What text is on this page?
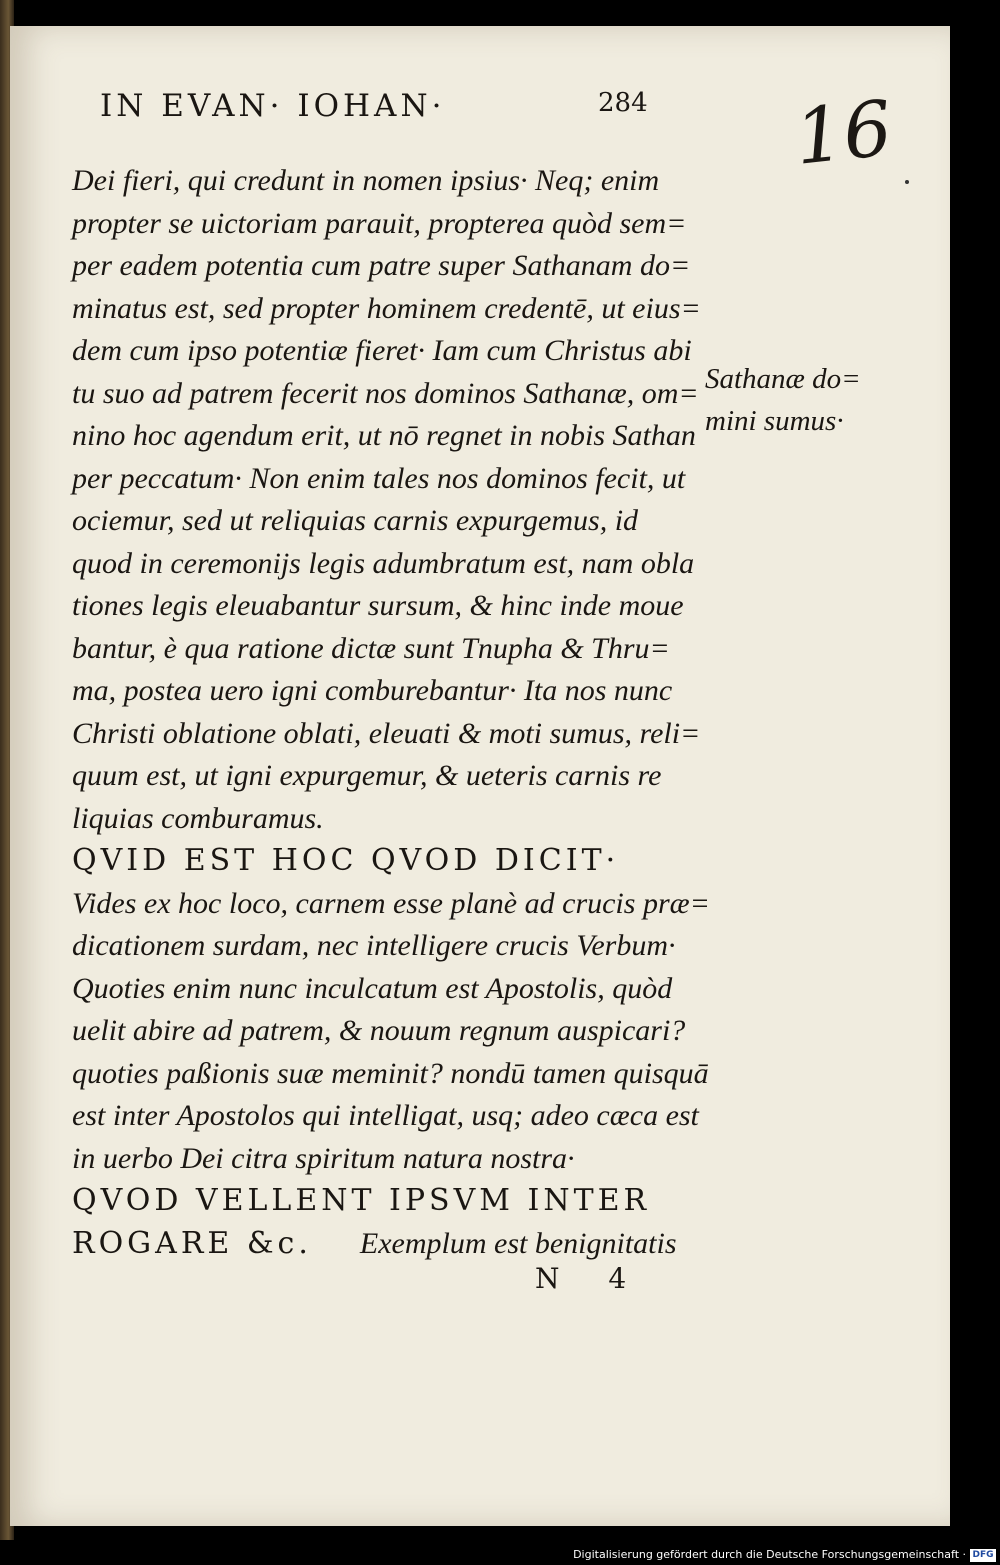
IN EVAN· IOHAN·	284 16
Dei fieri, qui credunt in nomen ipsius· Neq; enim
propter se uictoriam parauit, propterea quòd sem=
per eadem potentia cum patre super Sathanam do=
minatus est, sed propter hominem credentē, ut eius=
dem cum ipso potentiæ fieret· Iam cum Christus abi
tu suo ad patrem fecerit nos dominos Sathanæ, om=
nino hoc agendum erit, ut nō regnet in nobis Sathan
per peccatum· Non enim tales nos dominos fecit, ut
ociemur, sed ut reliquias carnis expurgemus, id
quod in ceremonijs legis adumbratum est, nam obla
tiones legis eleuabantur sursum, & hinc inde moue
bantur, è qua ratione dictæ sunt Tnupha & Thru=
ma, postea uero igni comburebantur· Ita nos nunc
Christi oblatione oblati, eleuati & moti sumus, reli=
quum est, ut igni expurgemur, & ueteris carnis re
liquias comburamus.
QVID EST HOC QVOD DICIT·
Vides ex hoc loco, carnem esse planè ad crucis præ=
dicationem surdam, nec intelligere crucis Verbum·
Quoties enim nunc inculcatum est Apostolis, quòd
uelit abire ad patrem, & nouum regnum auspicari?
quoties paßionis suæ meminit? nondū tamen quisquā
est inter Apostolos qui intelligat, usq; adeo cæca est
in uerbo Dei citra spiritum natura nostra·
QVOD VELLENT IPSVM INTER
ROGARE &c. Exemplum est benignitatis
Sathanæ do=
mini sumus·
N 4
Digitalisierung gefördert durch die Deutsche Forschungsgemeinschaft · DFG
